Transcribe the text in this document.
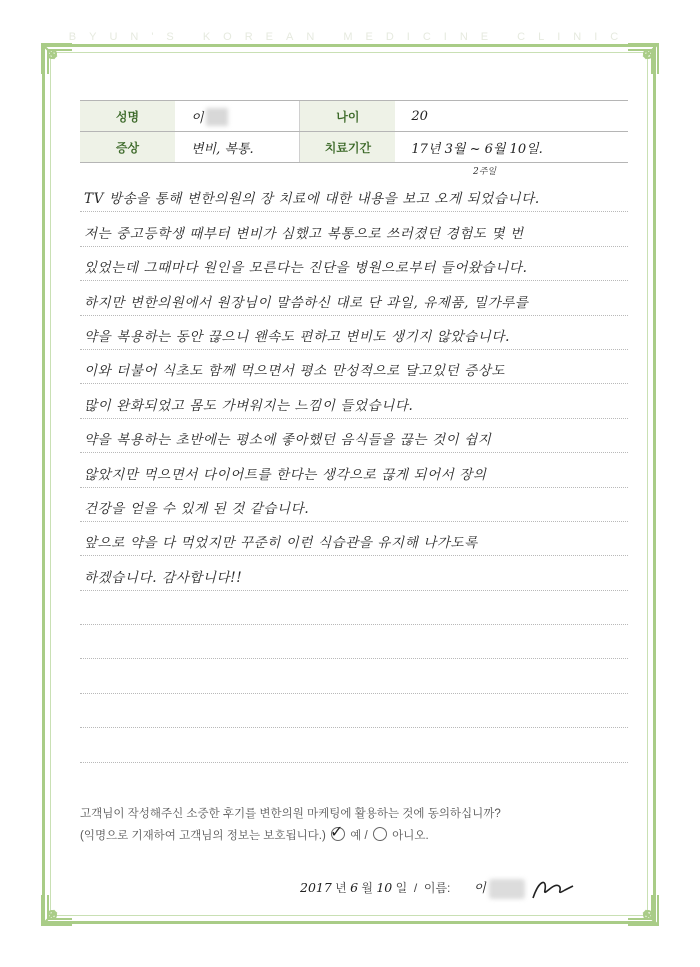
BYUN'S KOREAN MEDICINE CLINIC
성명	이	나이	20
증상	변비, 복통.	치료기간	17년 3월 ~ 6월 10일.
2주일
TV 방송을 통해 변한의원의 장 치료에 대한 내용을 보고 오게 되었습니다.
저는 중고등학생 때부터 변비가 심했고 복통으로 쓰러졌던 경험도 몇 번
있었는데 그때마다 원인을 모른다는 진단을 병원으로부터 들어왔습니다.
하지만 변한의원에서 원장님이 말씀하신 대로 단 과일, 유제품, 밀가루를
약을 복용하는 동안 끊으니 왠속도 편하고 변비도 생기지 않았습니다.
이와 더불어 식초도 함께 먹으면서 평소 만성적으로 달고있던 증상도
많이 완화되었고 몸도 가벼워지는 느낌이 들었습니다.
약을 복용하는 초반에는 평소에 좋아했던 음식들을 끊는 것이 쉽지
않았지만 먹으면서 다이어트를 한다는 생각으로 끊게 되어서 장의
건강을 얻을 수 있게 된 것 같습니다.
앞으로 약을 다 먹었지만 꾸준히 이런 식습관을 유지해 나가도록
하겠습니다. 감사합니다!!
고객님이 작성해주신 소중한 후기를 변한의원 마케팅에 활용하는 것에 동의하십니까?
(익명으로 기재하여 고객님의 정보는 보호됩니다.) ✓ 예 / 아니오.
2017 년 6 월 10 일 / 이름: 이
